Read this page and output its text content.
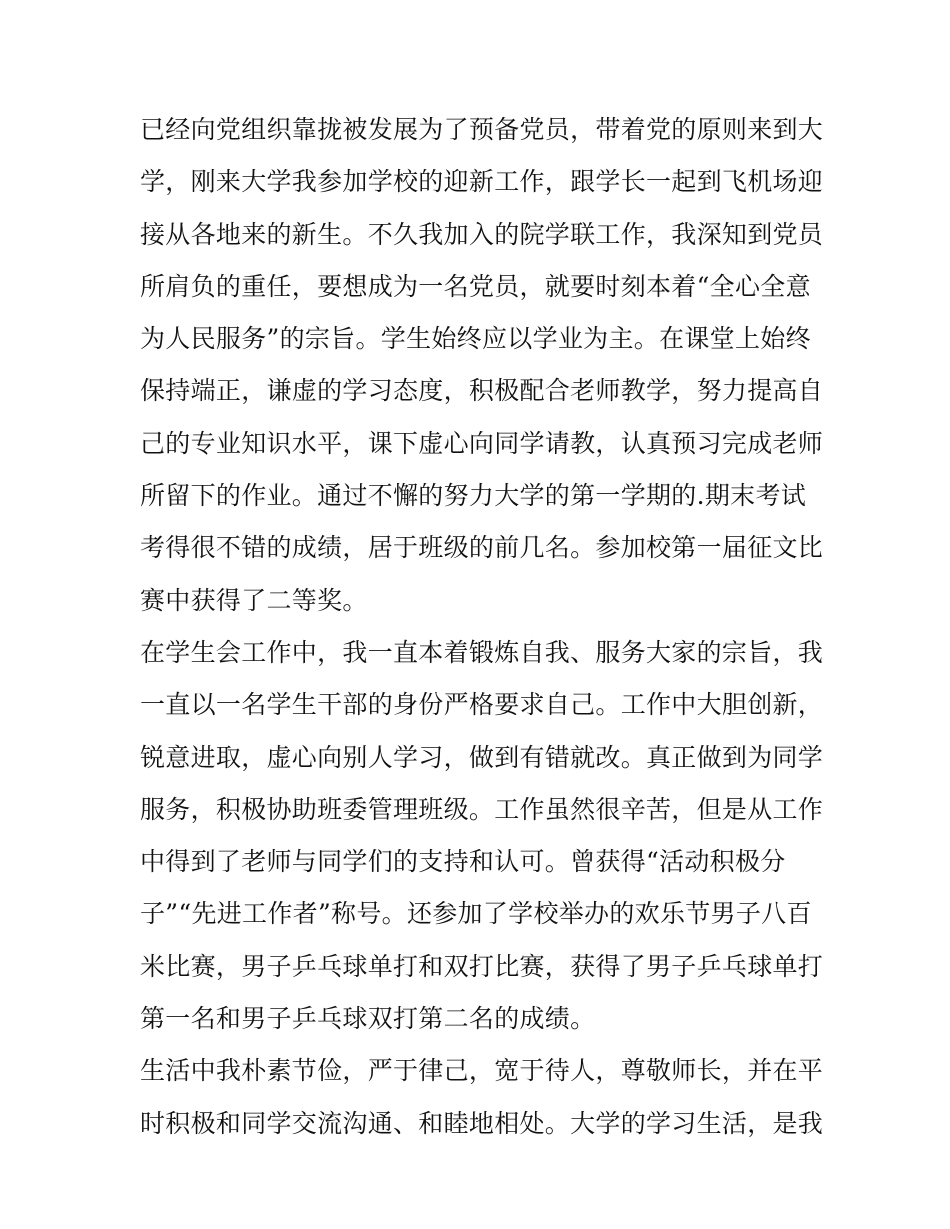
已经向党组织靠拢被发展为了预备党员，带着党的原则来到大
学，刚来大学我参加学校的迎新工作，跟学长一起到飞机场迎
接从各地来的新生。不久我加入的院学联工作，我深知到党员
所肩负的重任，要想成为一名党员，就要时刻本着“全心全意
为人民服务”的宗旨。学生始终应以学业为主。在课堂上始终
保持端正，谦虚的学习态度，积极配合老师教学，努力提高自
己的专业知识水平，课下虚心向同学请教，认真预习完成老师
所留下的作业。通过不懈的努力大学的第一学期的.期末考试
考得很不错的成绩，居于班级的前几名。参加校第一届征文比
赛中获得了二等奖。
在学生会工作中，我一直本着锻炼自我、服务大家的宗旨，我
一直以一名学生干部的身份严格要求自己。工作中大胆创新，
锐意进取，虚心向别人学习，做到有错就改。真正做到为同学
服务，积极协助班委管理班级。工作虽然很辛苦，但是从工作
中得到了老师与同学们的支持和认可。曾获得“活动积极分
子”“先进工作者”称号。还参加了学校举办的欢乐节男子八百
米比赛，男子乒乓球单打和双打比赛，获得了男子乒乓球单打
第一名和男子乒乓球双打第二名的成绩。
生活中我朴素节俭，严于律己，宽于待人，尊敬师长，并在平
时积极和同学交流沟通、和睦地相处。大学的学习生活，是我
